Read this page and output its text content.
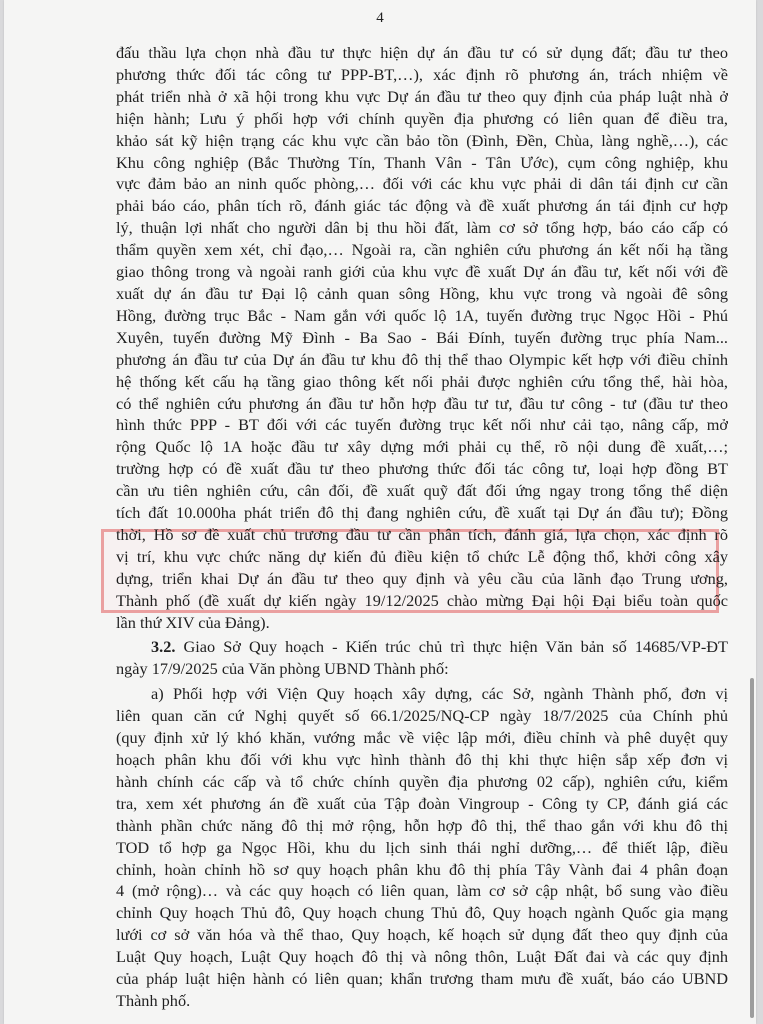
4
đấu thầu lựa chọn nhà đầu tư thực hiện dự án đầu tư có sử dụng đất; đầu tư theo
phương thức đối tác công tư PPP-BT,…), xác định rõ phương án, trách nhiệm về
phát triển nhà ở xã hội trong khu vực Dự án đầu tư theo quy định của pháp luật nhà ở
hiện hành; Lưu ý phối hợp với chính quyền địa phương có liên quan để điều tra,
khảo sát kỹ hiện trạng các khu vực cần bảo tồn (Đình, Đền, Chùa, làng nghề,…), các
Khu công nghiệp (Bắc Thường Tín, Thanh Vân - Tân Ước), cụm công nghiệp, khu
vực đảm bảo an ninh quốc phòng,… đối với các khu vực phải di dân tái định cư cần
phải báo cáo, phân tích rõ, đánh giác tác động và đề xuất phương án tái định cư hợp
lý, thuận lợi nhất cho người dân bị thu hồi đất, làm cơ sở tổng hợp, báo cáo cấp có
thẩm quyền xem xét, chỉ đạo,… Ngoài ra, cần nghiên cứu phương án kết nối hạ tầng
giao thông trong và ngoài ranh giới của khu vực đề xuất Dự án đầu tư, kết nối với đề
xuất dự án đầu tư Đại lộ cảnh quan sông Hồng, khu vực trong và ngoài đê sông
Hồng, đường trục Bắc - Nam gắn với quốc lộ 1A, tuyến đường trục Ngọc Hồi - Phú
Xuyên, tuyến đường Mỹ Đình - Ba Sao - Bái Đính, tuyến đường trục phía Nam...
phương án đầu tư của Dự án đầu tư khu đô thị thể thao Olympic kết hợp với điều chỉnh
hệ thống kết cấu hạ tầng giao thông kết nối phải được nghiên cứu tổng thể, hài hòa,
có thể nghiên cứu phương án đầu tư hỗn hợp đầu tư tư, đầu tư công - tư (đầu tư theo
hình thức PPP - BT đối với các tuyến đường trục kết nối như cải tạo, nâng cấp, mở
rộng Quốc lộ 1A hoặc đầu tư xây dựng mới phải cụ thể, rõ nội dung đề xuất,…;
trường hợp có đề xuất đầu tư theo phương thức đối tác công tư, loại hợp đồng BT
cần ưu tiên nghiên cứu, cân đối, đề xuất quỹ đất đối ứng ngay trong tổng thể diện
tích đất 10.000ha phát triển đô thị đang nghiên cứu, đề xuất tại Dự án đầu tư); Đồng
thời, Hồ sơ đề xuất chủ trương đầu tư cần phân tích, đánh giá, lựa chọn, xác định rõ
vị trí, khu vực chức năng dự kiến đủ điều kiện tổ chức Lễ động thổ, khởi công xây
dựng, triển khai Dự án đầu tư theo quy định và yêu cầu của lãnh đạo Trung ương,
Thành phố (đề xuất dự kiến ngày 19/12/2025 chào mừng Đại hội Đại biểu toàn quốc
lần thứ XIV của Đảng).
3.2. Giao Sở Quy hoạch - Kiến trúc chủ trì thực hiện Văn bản số 14685/VP-ĐT
ngày 17/9/2025 của Văn phòng UBND Thành phố:
a) Phối hợp với Viện Quy hoạch xây dựng, các Sở, ngành Thành phố, đơn vị
liên quan căn cứ Nghị quyết số 66.1/2025/NQ-CP ngày 18/7/2025 của Chính phủ
(quy định xử lý khó khăn, vướng mắc về việc lập mới, điều chỉnh và phê duyệt quy
hoạch phân khu đối với khu vực hình thành đô thị khi thực hiện sắp xếp đơn vị
hành chính các cấp và tổ chức chính quyền địa phương 02 cấp), nghiên cứu, kiểm
tra, xem xét phương án đề xuất của Tập đoàn Vingroup - Công ty CP, đánh giá các
thành phần chức năng đô thị mở rộng, hỗn hợp đô thị, thể thao gắn với khu đô thị
TOD tổ hợp ga Ngọc Hồi, khu du lịch sinh thái nghỉ dưỡng,… để thiết lập, điều
chỉnh, hoàn chỉnh hồ sơ quy hoạch phân khu đô thị phía Tây Vành đai 4 phân đoạn
4 (mở rộng)… và các quy hoạch có liên quan, làm cơ sở cập nhật, bổ sung vào điều
chỉnh Quy hoạch Thủ đô, Quy hoạch chung Thủ đô, Quy hoạch ngành Quốc gia mạng
lưới cơ sở văn hóa và thể thao, Quy hoạch, kế hoạch sử dụng đất theo quy định của
Luật Quy hoạch, Luật Quy hoạch đô thị và nông thôn, Luật Đất đai và các quy định
của pháp luật hiện hành có liên quan; khẩn trương tham mưu đề xuất, báo cáo UBND
Thành phố.
